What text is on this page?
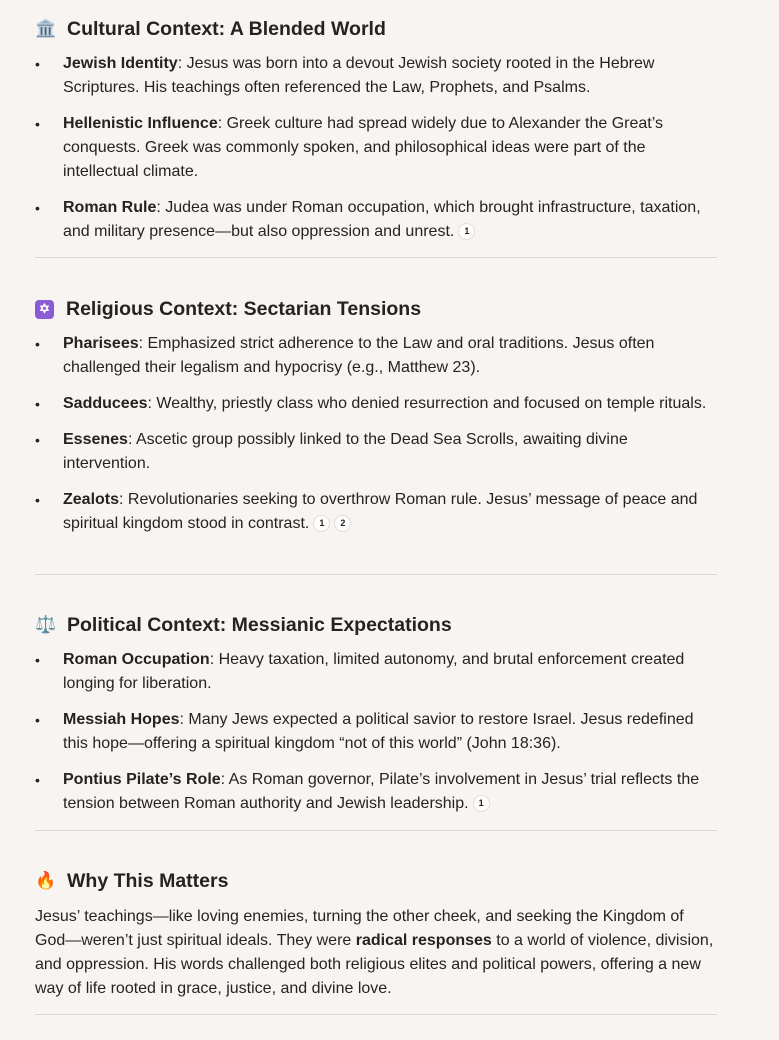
🏛️ Cultural Context: A Blended World
• Jewish Identity: Jesus was born into a devout Jewish society rooted in the Hebrew Scriptures. His teachings often referenced the Law, Prophets, and Psalms.
• Hellenistic Influence: Greek culture had spread widely due to Alexander the Great’s conquests. Greek was commonly spoken, and philosophical ideas were part of the intellectual climate.
• Roman Rule: Judea was under Roman occupation, which brought infrastructure, taxation, and military presence—but also oppression and unrest. 1
✡ Religious Context: Sectarian Tensions
• Pharisees: Emphasized strict adherence to the Law and oral traditions. Jesus often challenged their legalism and hypocrisy (e.g., Matthew 23).
• Sadducees: Wealthy, priestly class who denied resurrection and focused on temple rituals.
• Essenes: Ascetic group possibly linked to the Dead Sea Scrolls, awaiting divine intervention.
• Zealots: Revolutionaries seeking to overthrow Roman rule. Jesus’ message of peace and spiritual kingdom stood in contrast. 1 2
⚖️ Political Context: Messianic Expectations
• Roman Occupation: Heavy taxation, limited autonomy, and brutal enforcement created longing for liberation.
• Messiah Hopes: Many Jews expected a political savior to restore Israel. Jesus redefined this hope—offering a spiritual kingdom “not of this world” (John 18:36).
• Pontius Pilate’s Role: As Roman governor, Pilate’s involvement in Jesus’ trial reflects the tension between Roman authority and Jewish leadership. 1
🔥 Why This Matters

Jesus’ teachings—like loving enemies, turning the other cheek, and seeking the Kingdom of God—weren’t just spiritual ideals. They were radical responses to a world of violence, division, and oppression. His words challenged both religious elites and political powers, offering a new way of life rooted in grace, justice, and divine love.
